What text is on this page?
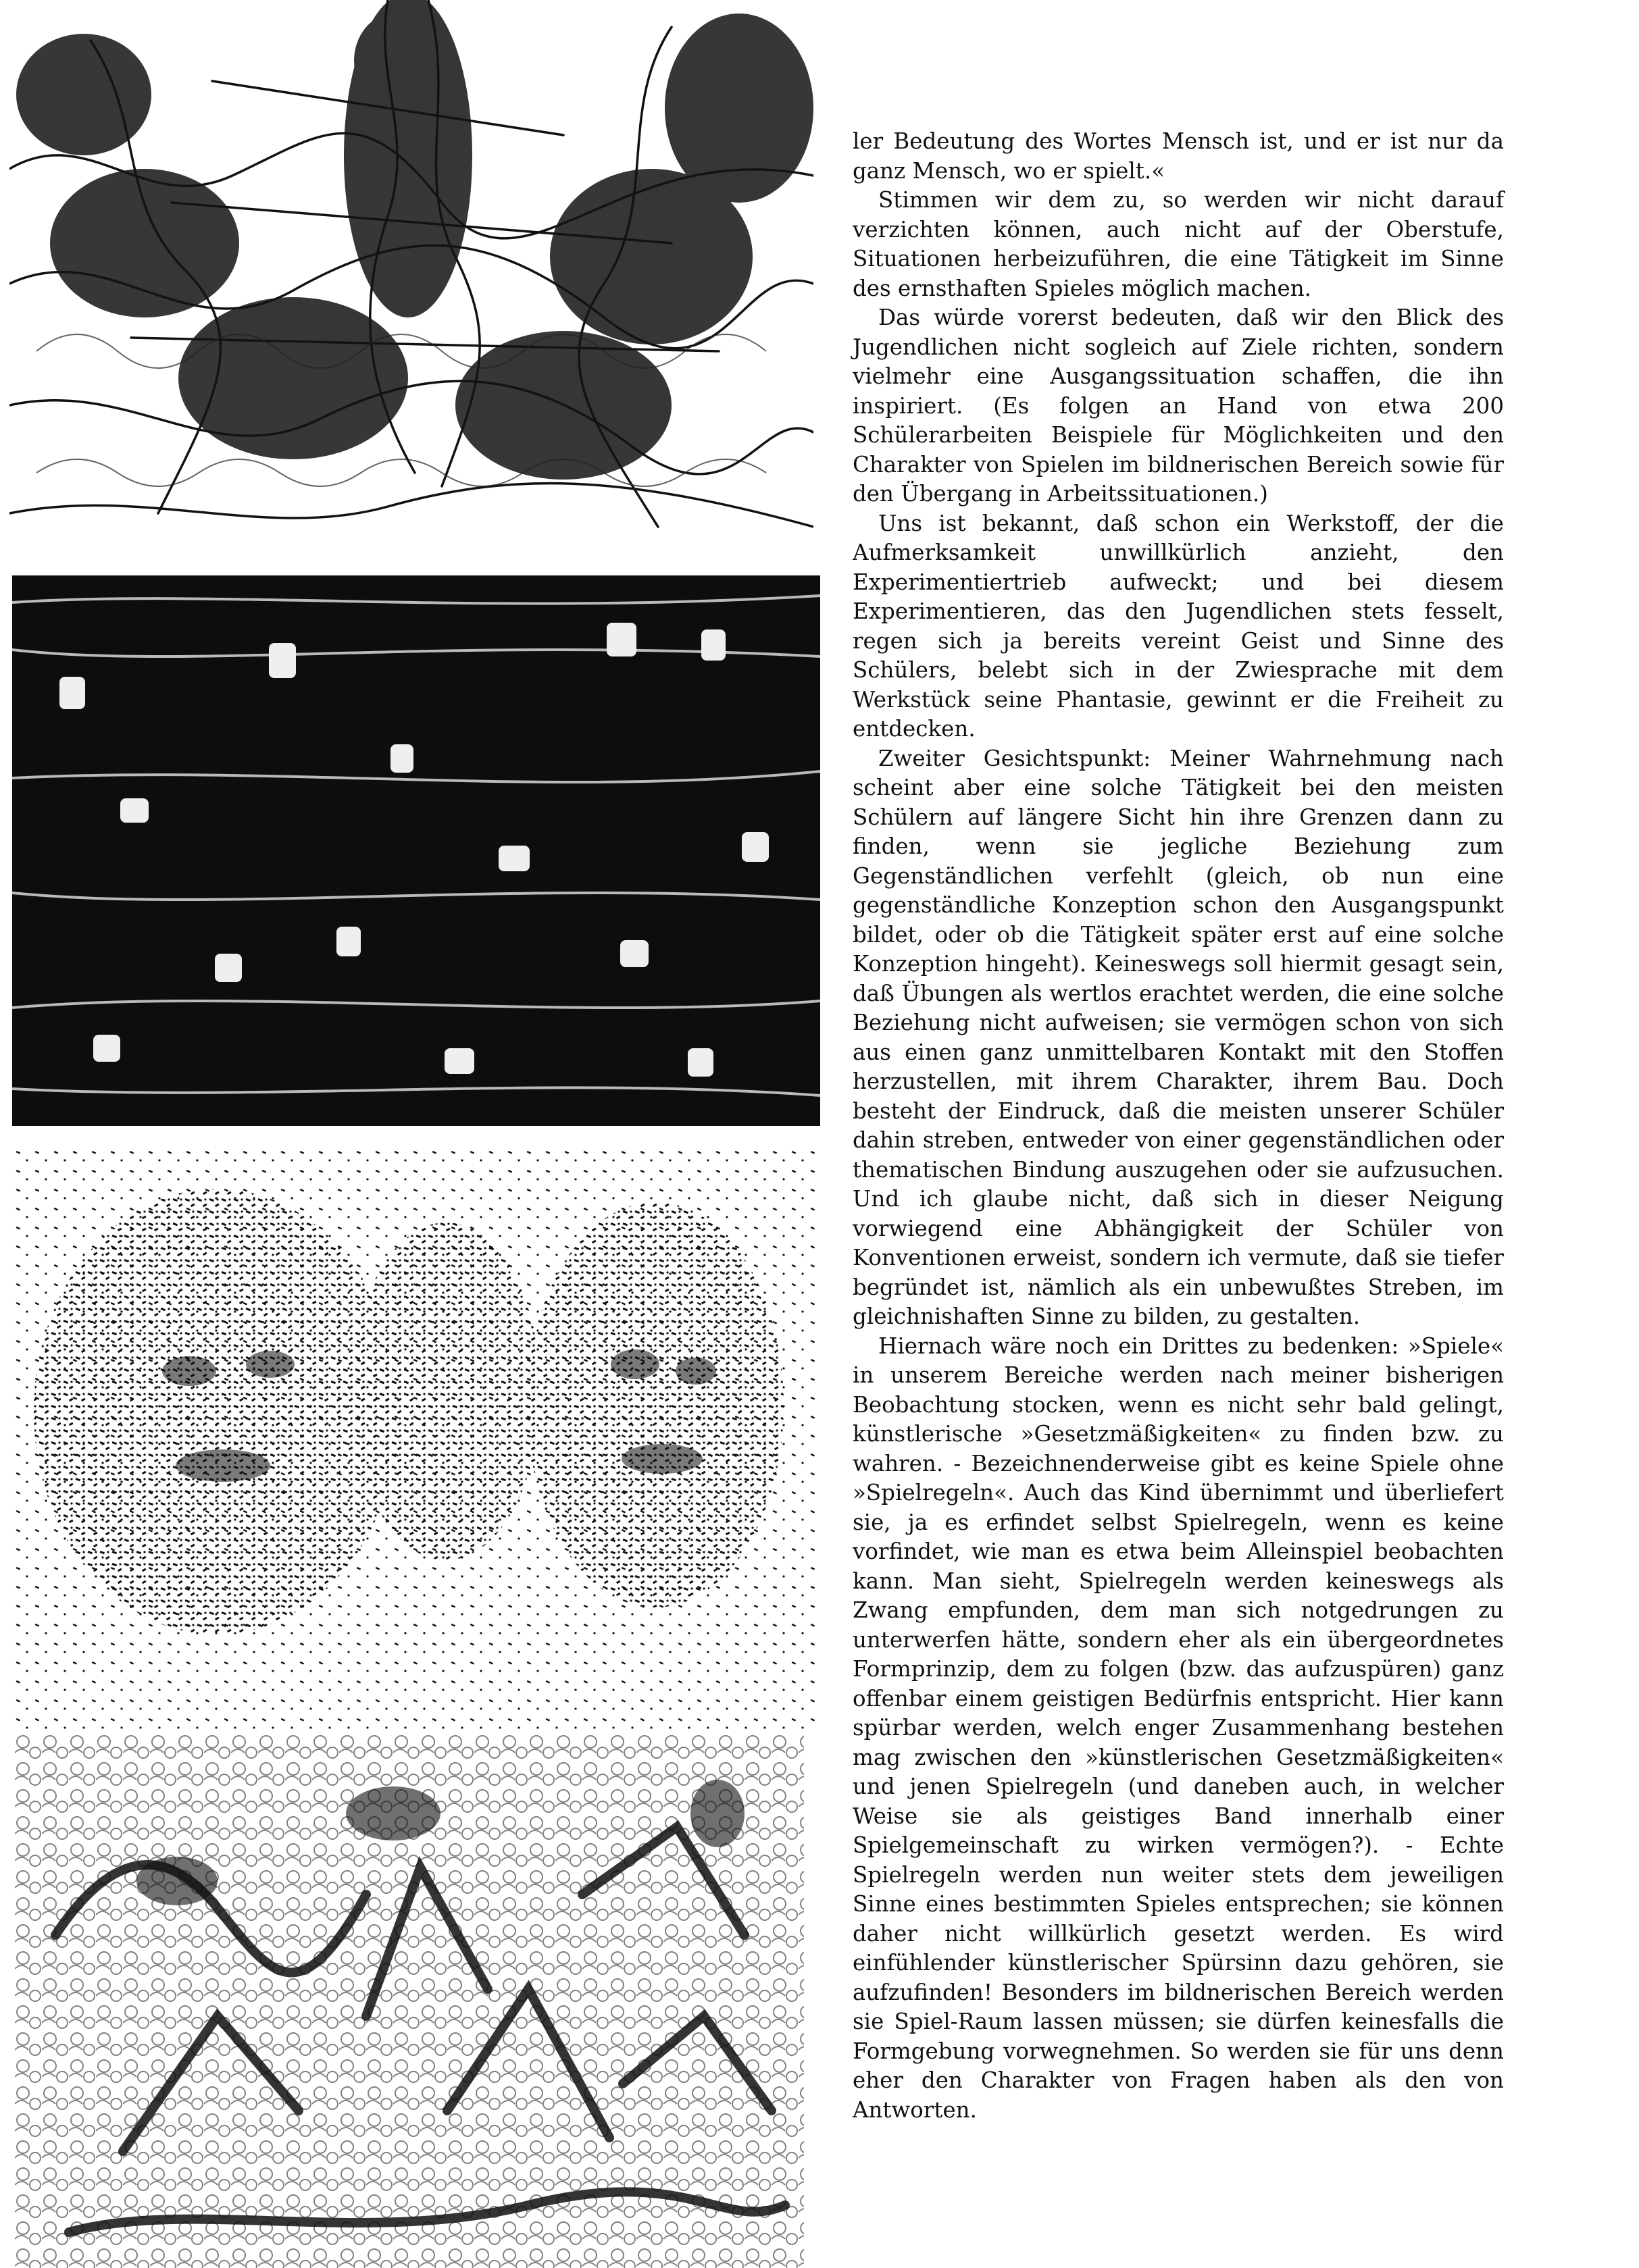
ler Bedeutung des Wortes Mensch ist, und er ist nur da ganz Mensch, wo er spielt.«

Stimmen wir dem zu, so werden wir nicht darauf verzichten können, auch nicht auf der Oberstufe, Situationen herbeizuführen, die eine Tätigkeit im Sinne des ernsthaften Spieles möglich machen.

Das würde vorerst bedeuten, daß wir den Blick des Jugendlichen nicht sogleich auf Ziele richten, sondern vielmehr eine Ausgangssituation schaffen, die ihn inspiriert. (Es folgen an Hand von etwa 200 Schülerarbeiten Beispiele für Möglichkeiten und den Charakter von Spielen im bildnerischen Bereich sowie für den Übergang in Arbeitssituationen.)

Uns ist bekannt, daß schon ein Werkstoff, der die Aufmerksamkeit unwillkürlich anzieht, den Experimentiertrieb aufweckt; und bei diesem Experimentieren, das den Jugendlichen stets fesselt, regen sich ja bereits vereint Geist und Sinne des Schülers, belebt sich in der Zwiesprache mit dem Werkstück seine Phantasie, gewinnt er die Freiheit zu entdecken.

Zweiter Gesichtspunkt: Meiner Wahrnehmung nach scheint aber eine solche Tätigkeit bei den meisten Schülern auf längere Sicht hin ihre Grenzen dann zu finden, wenn sie jegliche Beziehung zum Gegenständlichen verfehlt (gleich, ob nun eine gegenständliche Konzeption schon den Ausgangspunkt bildet, oder ob die Tätigkeit später erst auf eine solche Konzeption hingeht). Keineswegs soll hiermit gesagt sein, daß Übungen als wertlos erachtet werden, die eine solche Beziehung nicht aufweisen; sie vermögen schon von sich aus einen ganz unmittelbaren Kontakt mit den Stoffen herzustellen, mit ihrem Charakter, ihrem Bau. Doch besteht der Eindruck, daß die meisten unserer Schüler dahin streben, entweder von einer gegenständlichen oder thematischen Bindung auszugehen oder sie aufzusuchen. Und ich glaube nicht, daß sich in dieser Neigung vorwiegend eine Abhängigkeit der Schüler von Konventionen erweist, sondern ich vermute, daß sie tiefer begründet ist, nämlich als ein unbewußtes Streben, im gleichnishaften Sinne zu bilden, zu gestalten.

Hiernach wäre noch ein Drittes zu bedenken: »Spiele« in unserem Bereiche werden nach meiner bisherigen Beobachtung stocken, wenn es nicht sehr bald gelingt, künstlerische »Gesetzmäßigkeiten« zu finden bzw. zu wahren. - Bezeichnenderweise gibt es keine Spiele ohne »Spielregeln«. Auch das Kind übernimmt und überliefert sie, ja es erfindet selbst Spielregeln, wenn es keine vorfindet, wie man es etwa beim Alleinspiel beobachten kann. Man sieht, Spielregeln werden keineswegs als Zwang empfunden, dem man sich notgedrungen zu unterwerfen hätte, sondern eher als ein übergeordnetes Formprinzip, dem zu folgen (bzw. das aufzuspüren) ganz offenbar einem geistigen Bedürfnis entspricht. Hier kann spürbar werden, welch enger Zusammenhang bestehen mag zwischen den »künstlerischen Gesetzmäßigkeiten« und jenen Spielregeln (und daneben auch, in welcher Weise sie als geistiges Band innerhalb einer Spielgemeinschaft zu wirken vermögen?). - Echte Spielregeln werden nun weiter stets dem jeweiligen Sinne eines bestimmten Spieles entsprechen; sie können daher nicht willkürlich gesetzt werden. Es wird einfühlender künstlerischer Spürsinn dazu gehören, sie aufzufinden! Besonders im bildnerischen Bereich werden sie Spiel-Raum lassen müssen; sie dürfen keinesfalls die Formgebung vorwegnehmen. So werden sie für uns denn eher den Charakter von Fragen haben als den von Antworten.
